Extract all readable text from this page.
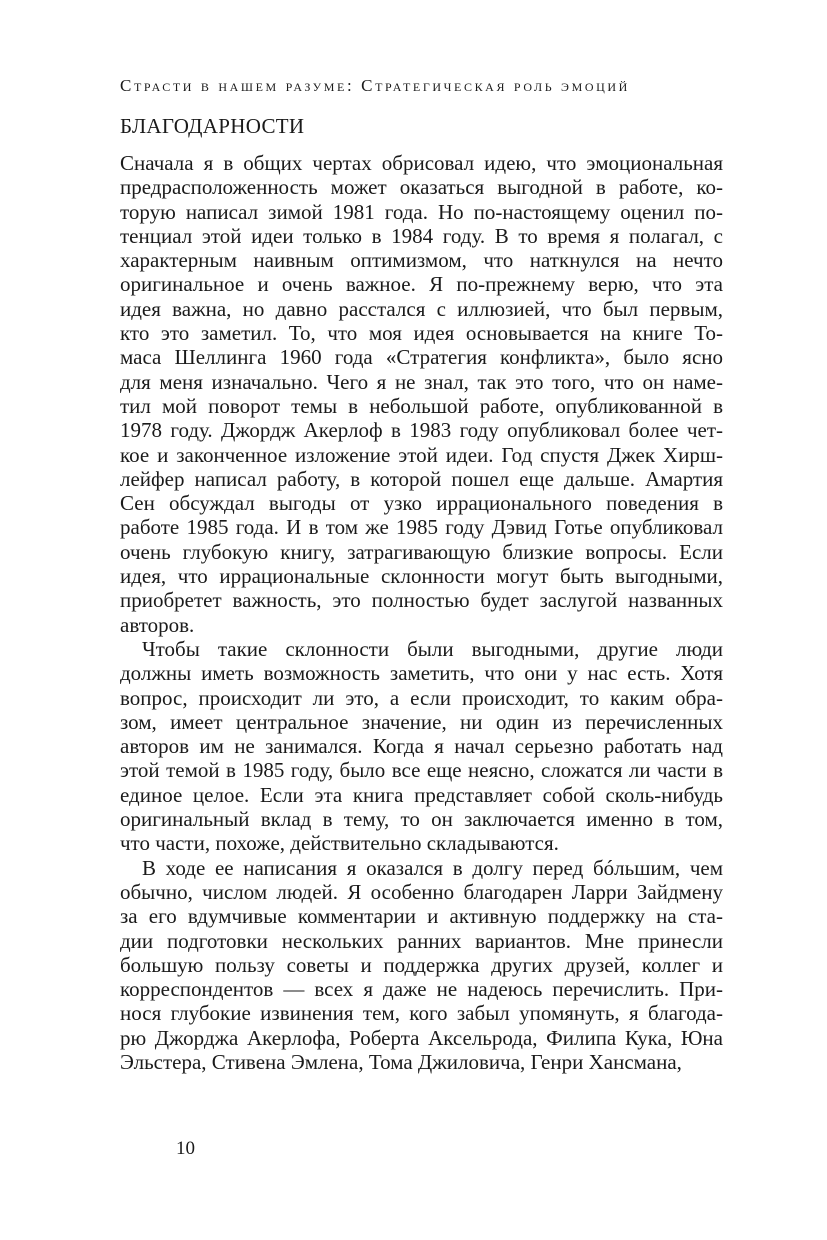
Страсти в нашем разуме: Стратегическая роль эмоций
БЛАГОДАРНОСТИ
Сначала я в общих чертах обрисовал идею, что эмоциональная
предрасположенность может оказаться выгодной в работе, ко-
торую написал зимой 1981 года. Но по-настоящему оценил по-
тенциал этой идеи только в 1984 году. В то время я полагал, с
характерным наивным оптимизмом, что наткнулся на нечто
оригинальное и очень важное. Я по-прежнему верю, что эта
идея важна, но давно расстался с иллюзией, что был первым,
кто это заметил. То, что моя идея основывается на книге То-
маса Шеллинга 1960 года «Стратегия конфликта», было ясно
для меня изначально. Чего я не знал, так это того, что он наме-
тил мой поворот темы в небольшой работе, опубликованной в
1978 году. Джордж Акерлоф в 1983 году опубликовал более чет-
кое и законченное изложение этой идеи. Год спустя Джек Хирш-
лейфер написал работу, в которой пошел еще дальше. Амартия
Сен обсуждал выгоды от узко иррационального поведения в
работе 1985 года. И в том же 1985 году Дэвид Готье опубликовал
очень глубокую книгу, затрагивающую близкие вопросы. Если
идея, что иррациональные склонности могут быть выгодными,
приобретет важность, это полностью будет заслугой названных
авторов.
Чтобы такие склонности были выгодными, другие люди
должны иметь возможность заметить, что они у нас есть. Хотя
вопрос, происходит ли это, а если происходит, то каким обра-
зом, имеет центральное значение, ни один из перечисленных
авторов им не занимался. Когда я начал серьезно работать над
этой темой в 1985 году, было все еще неясно, сложатся ли части в
единое целое. Если эта книга представляет собой сколь-нибудь
оригинальный вклад в тему, то он заключается именно в том,
что части, похоже, действительно складываются.
В ходе ее написания я оказался в долгу перед бóльшим, чем
обычно, числом людей. Я особенно благодарен Ларри Зайдмену
за его вдумчивые комментарии и активную поддержку на ста-
дии подготовки нескольких ранних вариантов. Мне принесли
большую пользу советы и поддержка других друзей, коллег и
корреспондентов — всех я даже не надеюсь перечислить. При-
нося глубокие извинения тем, кого забыл упомянуть, я благода-
рю Джорджа Акерлофа, Роберта Аксельрода, Филипа Кука, Юна
Эльстера, Стивена Эмлена, Тома Джиловича, Генри Хансмана,
10
